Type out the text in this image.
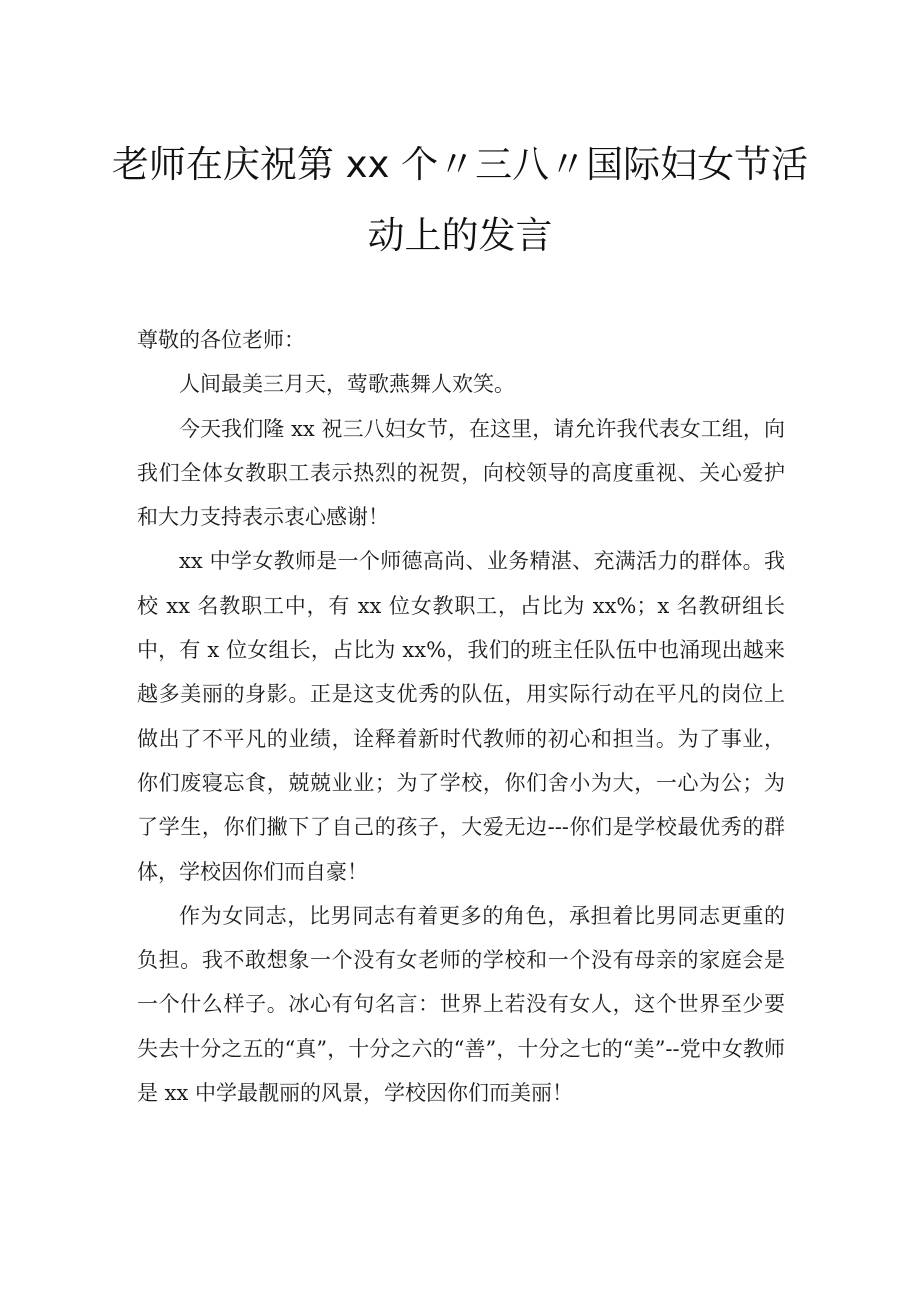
老师在庆祝第 xx 个〃三八〃国际妇女节活
动上的发言

尊敬的各位老师：

人间最美三月天，莺歌燕舞人欢笑。

今天我们隆 xx 祝三八妇女节，在这里，请允许我代表女工组，向我们全体女教职工表示热烈的祝贺，向校领导的高度重视、关心爱护和大力支持表示衷心感谢！

xx 中学女教师是一个师德高尚、业务精湛、充满活力的群体。我校 xx 名教职工中，有 xx 位女教职工，占比为 xx%；x 名教研组长中，有 x 位女组长，占比为 xx%，我们的班主任队伍中也涌现出越来越多美丽的身影。正是这支优秀的队伍，用实际行动在平凡的岗位上做出了不平凡的业绩，诠释着新时代教师的初心和担当。为了事业，你们废寝忘食，兢兢业业；为了学校，你们舍小为大，一心为公；为了学生，你们撇下了自己的孩子，大爱无边---你们是学校最优秀的群体，学校因你们而自豪！

作为女同志，比男同志有着更多的角色，承担着比男同志更重的负担。我不敢想象一个没有女老师的学校和一个没有母亲的家庭会是一个什么样子。冰心有句名言：世界上若没有女人，这个世界至少要失去十分之五的“真”，十分之六的“善”，十分之七的“美”--党中女教师是 xx 中学最靓丽的风景，学校因你们而美丽！
